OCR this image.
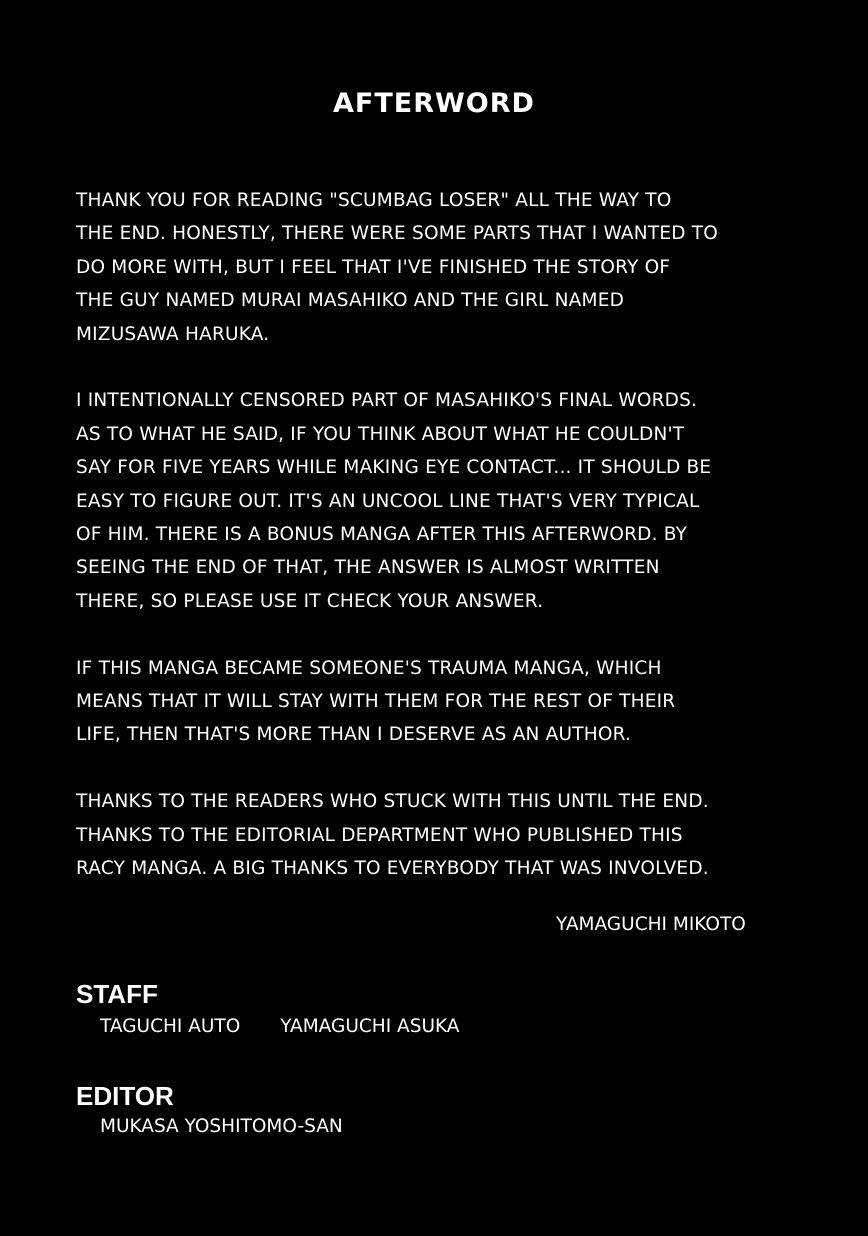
AFTERWORD
THANK YOU FOR READING "SCUMBAG LOSER" ALL THE WAY TO
THE END. HONESTLY, THERE WERE SOME PARTS THAT I WANTED TO
DO MORE WITH, BUT I FEEL THAT I'VE FINISHED THE STORY OF
THE GUY NAMED MURAI MASAHIKO AND THE GIRL NAMED
MIZUSAWA HARUKA.
I INTENTIONALLY CENSORED PART OF MASAHIKO'S FINAL WORDS.
AS TO WHAT HE SAID, IF YOU THINK ABOUT WHAT HE COULDN'T
SAY FOR FIVE YEARS WHILE MAKING EYE CONTACT... IT SHOULD BE
EASY TO FIGURE OUT. IT'S AN UNCOOL LINE THAT'S VERY TYPICAL
OF HIM. THERE IS A BONUS MANGA AFTER THIS AFTERWORD. BY
SEEING THE END OF THAT, THE ANSWER IS ALMOST WRITTEN
THERE, SO PLEASE USE IT CHECK YOUR ANSWER.
IF THIS MANGA BECAME SOMEONE'S TRAUMA MANGA, WHICH
MEANS THAT IT WILL STAY WITH THEM FOR THE REST OF THEIR
LIFE, THEN THAT'S MORE THAN I DESERVE AS AN AUTHOR.
THANKS TO THE READERS WHO STUCK WITH THIS UNTIL THE END.
THANKS TO THE EDITORIAL DEPARTMENT WHO PUBLISHED THIS
RACY MANGA. A BIG THANKS TO EVERYBODY THAT WAS INVOLVED.
YAMAGUCHI MIKOTO
STAFF
TAGUCHI AUTO YAMAGUCHI ASUKA
EDITOR
MUKASA YOSHITOMO-SAN
